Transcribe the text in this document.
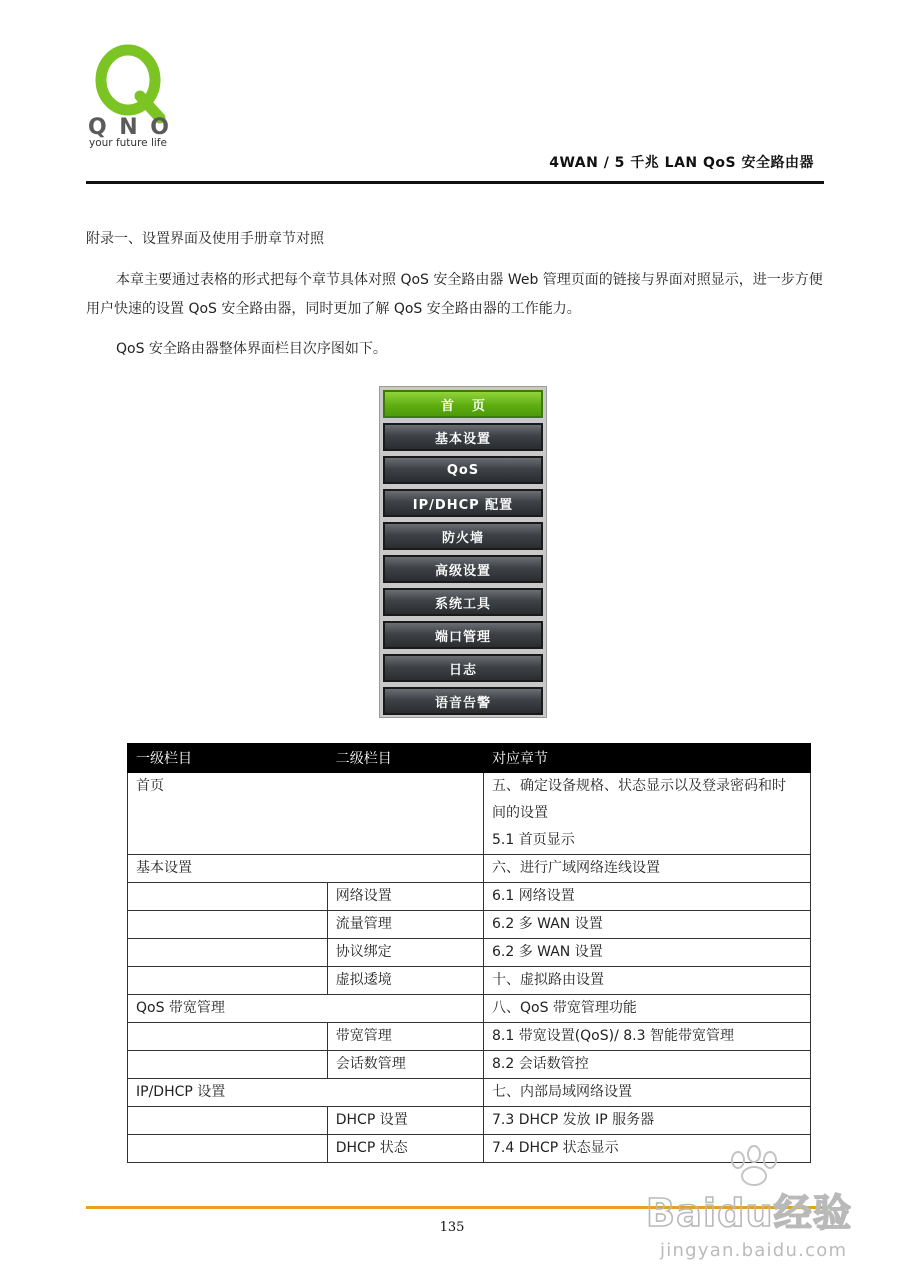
QNO
your future life
4WAN / 5 千兆 LAN QoS 安全路由器
附录一、设置界面及使用手册章节对照
本章主要通过表格的形式把每个章节具体对照 QoS 安全路由器 Web 管理页面的链接与界面对照显示，进一步方便用户快速的设置 QoS 安全路由器，同时更加了解 QoS 安全路由器的工作能力。
QoS 安全路由器整体界面栏目次序图如下。
首页
基本设置
QoS
IP/DHCP 配置
防火墙
高级设置
系统工具
端口管理
日志
语音告警
一级栏目	二级栏目	对应章节
首页		五、确定设备规格、状态显示以及登录密码和时
间的设置
5.1 首页显示

基本设置		六、进行广域网络连线设置
	网络设置	6.1 网络设置
	流量管理	6.2 多 WAN 设置
	协议绑定	6.2 多 WAN 设置
	虚拟逶境	十、虚拟路由设置
QoS 带宽管理		八、QoS 带宽管理功能
	带宽管理	8.1 带宽设置(QoS)/ 8.3 智能带宽管理
	会话数管理	8.2 会话数管控
IP/DHCP 设置		七、内部局域网络设置
	DHCP 设置	7.3 DHCP 发放 IP 服务器
	DHCP 状态	7.4 DHCP 状态显示
135	Baidu经验
jingyan.baidu.com
